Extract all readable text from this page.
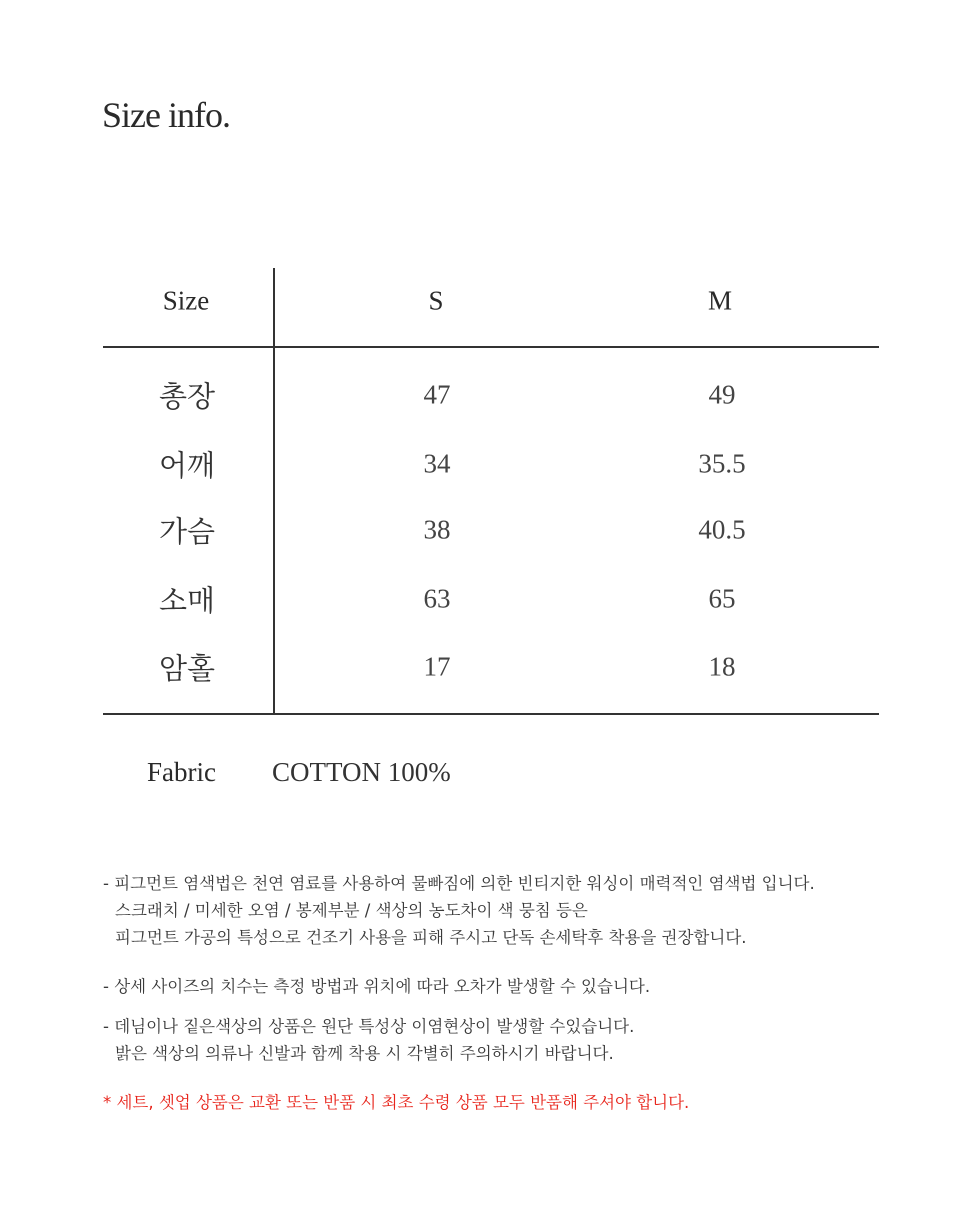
Size info.
Size	S	M
총장	47	49
어깨	34	35.5
가슴	38	40.5
소매	63	65
암홀	17	18
Fabric COTTON 100%
- 피그먼트 염색법은 천연 염료를 사용하여 물빠짐에 의한 빈티지한 워싱이 매력적인 염색법 입니다.
스크래치 / 미세한 오염 / 봉제부분 / 색상의 농도차이 색 뭉침 등은
피그먼트 가공의 특성으로 건조기 사용을 피해 주시고 단독 손세탁후 착용을 권장합니다.
- 상세 사이즈의 치수는 측정 방법과 위치에 따라 오차가 발생할 수 있습니다.
- 데님이나 짙은색상의 상품은 원단 특성상 이염현상이 발생할 수있습니다.
밝은 색상의 의류나 신발과 함께 착용 시 각별히 주의하시기 바랍니다.
* 세트, 셋업 상품은 교환 또는 반품 시 최초 수령 상품 모두 반품해 주셔야 합니다.
